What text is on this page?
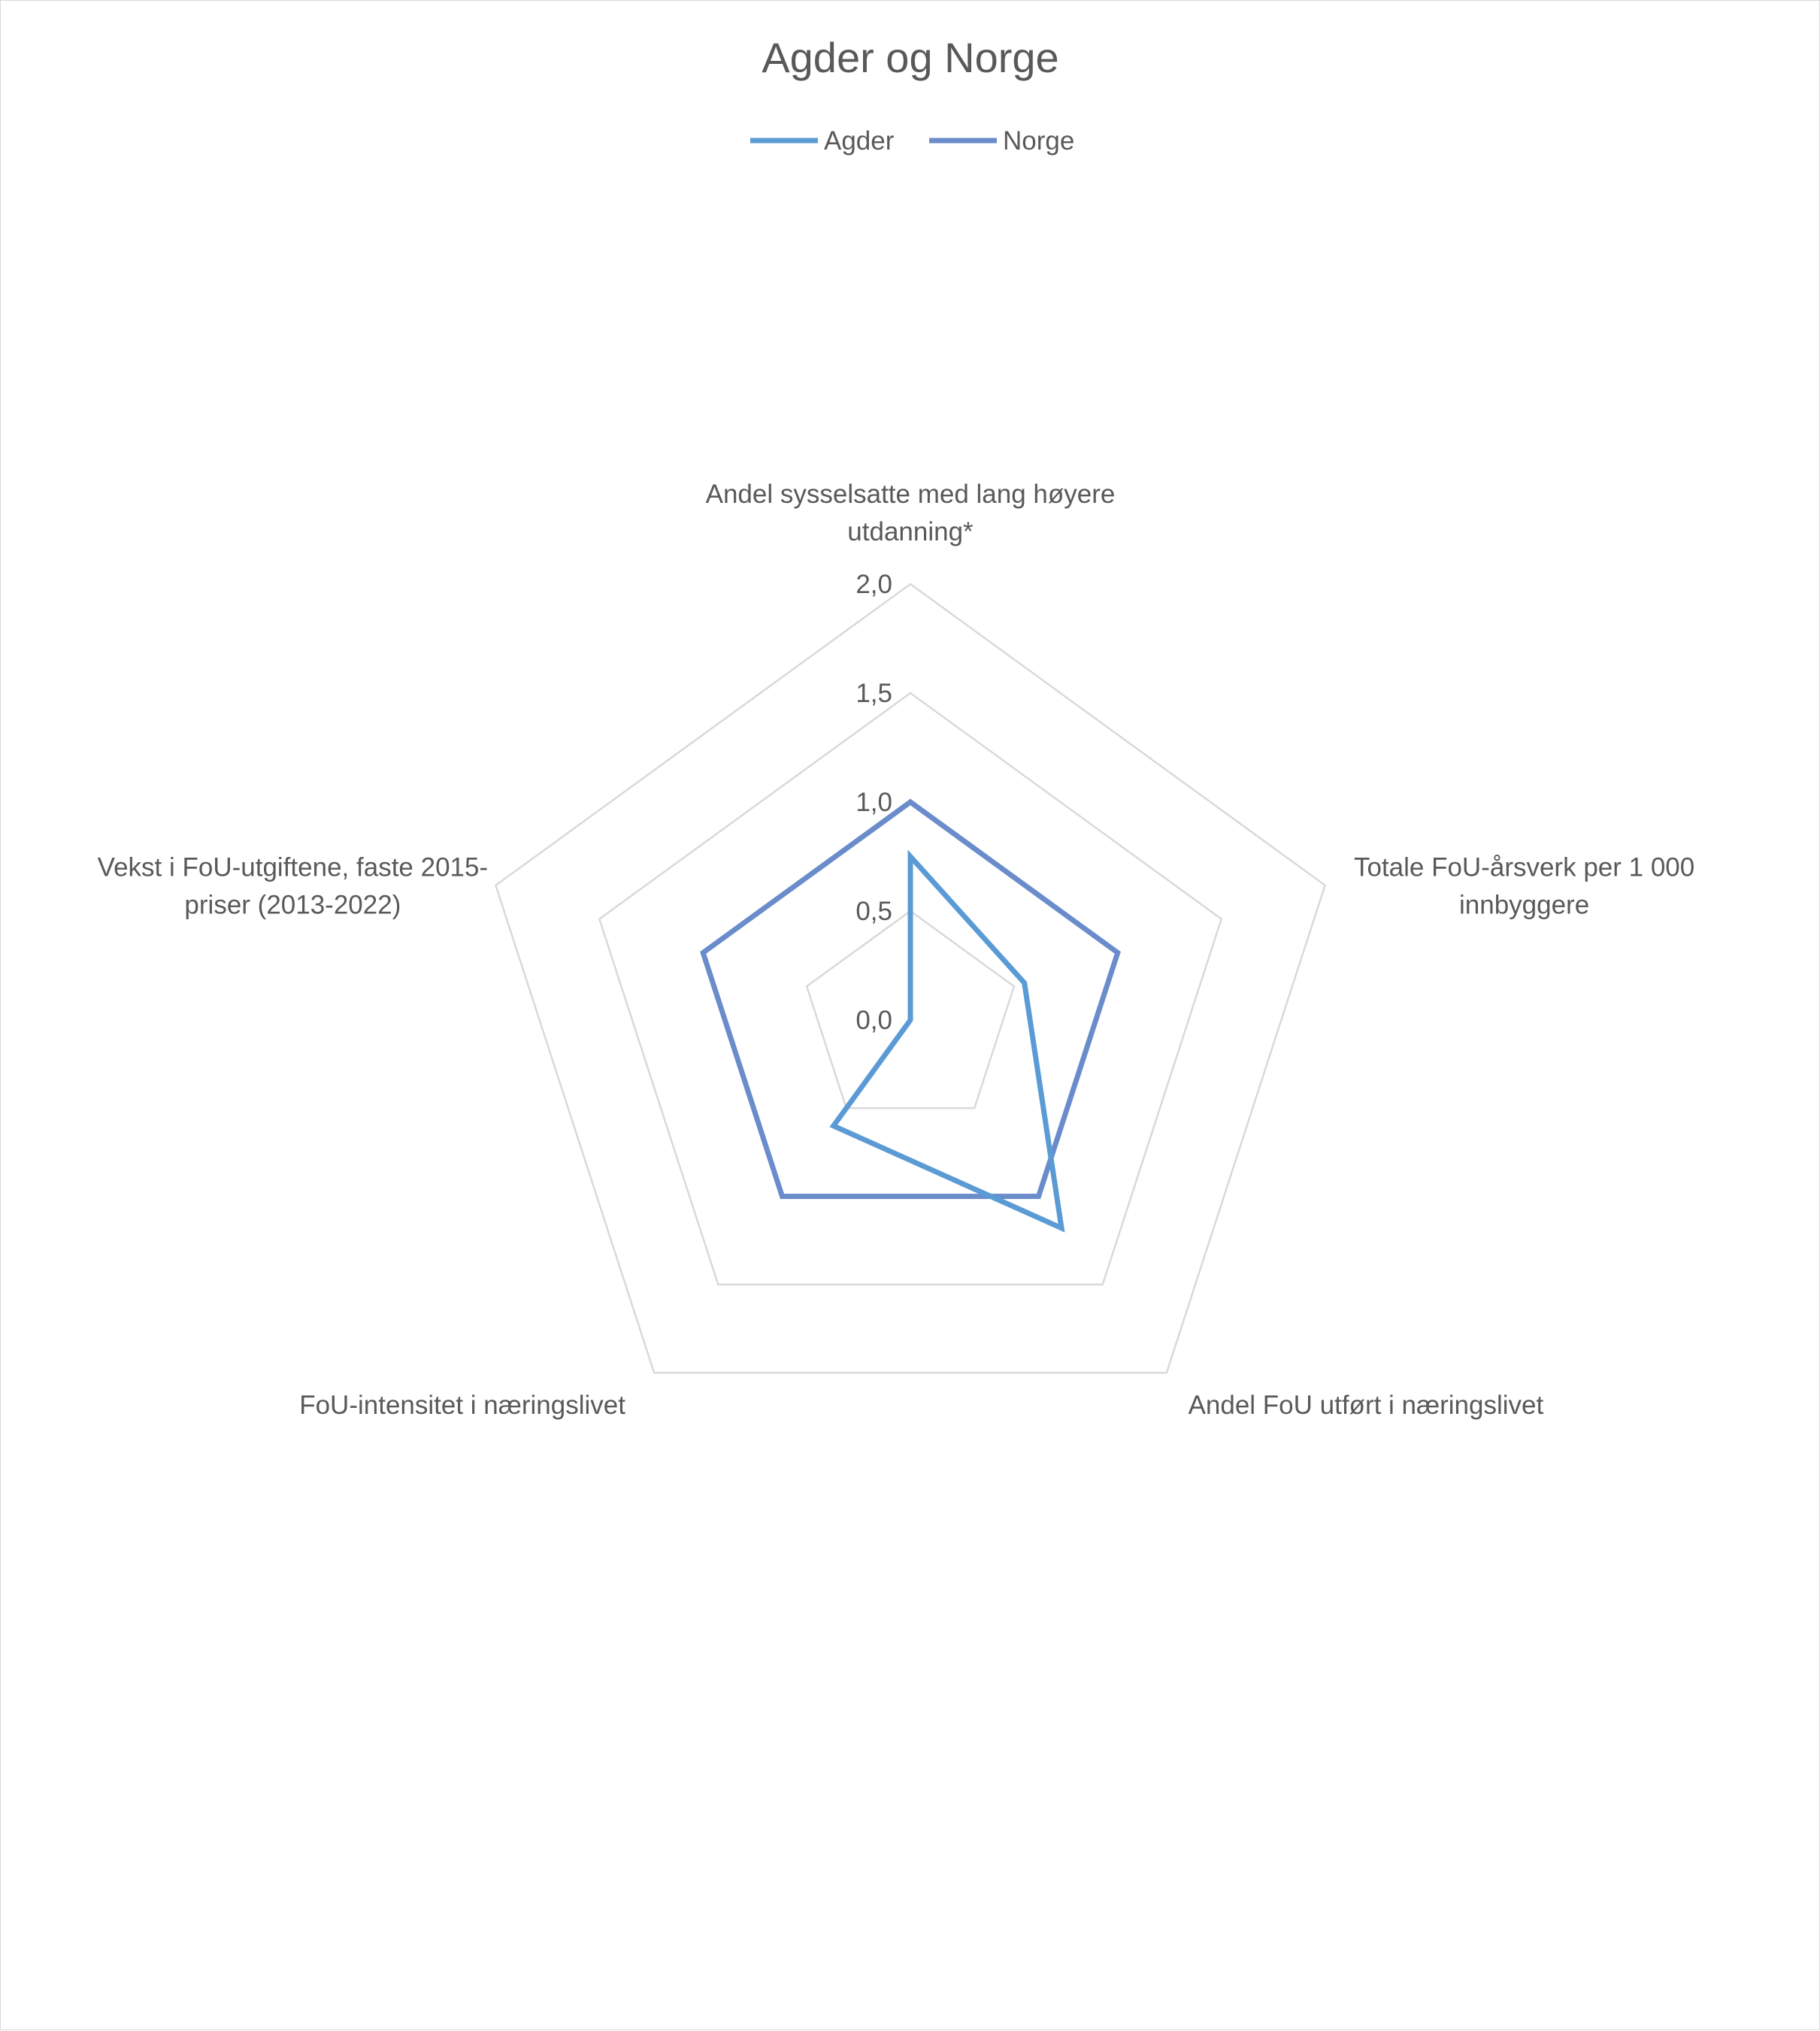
Agder og Norge
Agder	Norge
0,0
0,5
1,0
1,5
2,0
Andel sysselsatte med lang høyere utdanning*
Totale FoU-årsverk per 1 000 innbyggere
Andel FoU utført i næringslivet
FoU-intensitet i næringslivet
Vekst i FoU-utgiftene, faste 2015-priser (2013-2022)
